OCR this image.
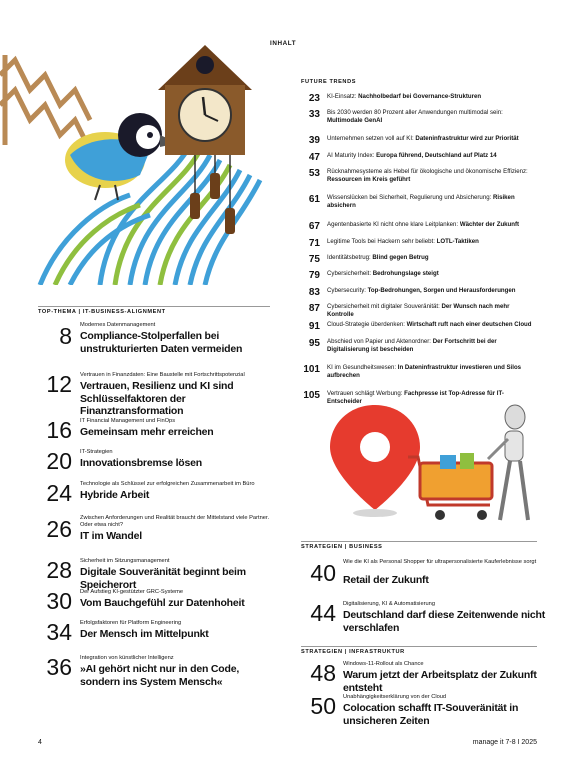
INHALT
FUTURE TRENDS
23 KI-Einsatz: Nachholbedarf bei Governance-Strukturen
33 Bis 2030 werden 80 Prozent aller Anwendungen multimodal sein: Multimodale GenAI
39 Unternehmen setzen voll auf KI: Dateninfrastruktur wird zur Priorität
47 AI Maturity Index: Europa führend, Deutschland auf Platz 14
53 Rücknahmesysteme als Hebel für ökologische und ökonomische Effizienz: Ressourcen im Kreis geführt
61 Wissenslücken bei Sicherheit, Regulierung und Absicherung: Risiken absichern
67 Agentenbasierte KI nicht ohne klare Leitplanken: Wächter der Zukunft
71 Legitime Tools bei Hackern sehr beliebt: LOTL-Taktiken
75 Identitätsbetrug: Blind gegen Betrug
79 Cybersicherheit: Bedrohungslage steigt
83 Cybersecurity: Top-Bedrohungen, Sorgen und Herausforderungen
87 Cybersicherheit mit digitaler Souveränität: Der Wunsch nach mehr Kontrolle
91 Cloud-Strategie überdenken: Wirtschaft ruft nach einer deutschen Cloud
95 Abschied von Papier und Aktenordner: Der Fortschritt bei der Digitalisierung ist bescheiden
101 KI im Gesundheitswesen: In Dateninfrastruktur investieren und Silos aufbrechen
105 Vertrauen schlägt Werbung: Fachpresse ist Top-Adresse für IT-Entscheider
TOP-THEMA | IT-BUSINESS-ALIGNMENT
8 Modernes Datenmanagement
Compliance-Stolperfallen bei unstrukturierten Daten vermeiden
12 Vertrauen in Finanzdaten: Eine Baustelle mit Fortschrittspotenzial
Vertrauen, Resilienz und KI sind Schlüsselfaktoren der Finanztransformation
16 IT Financial Management und FinOps
Gemeinsam mehr erreichen
20 IT-Strategien
Innovationsbremse lösen
24 Technologie als Schlüssel zur erfolgreichen Zusammenarbeit im Büro
Hybride Arbeit
26 Zwischen Anforderungen und Realität braucht der Mittelstand viele Partner. Oder etwa nicht?
IT im Wandel
28 Sicherheit im Sitzungsmanagement
Digitale Souveränität beginnt beim Speicherort
30 Der Aufstieg KI-gestützter GRC-Systeme
Vom Bauchgefühl zur Datenhoheit
34 Erfolgsfaktoren für Platform Engineering
Der Mensch im Mittelpunkt
36 Integration von künstlicher Intelligenz
»AI gehört nicht nur in den Code, sondern ins System Mensch«
STRATEGIEN | BUSINESS
40 Wie die KI als Personal Shopper für ultrapersonalisierte Kauferlebnisse sorgt
Retail der Zukunft
44 Digitalisierung, KI & Automatisierung
Deutschland darf diese Zeitenwende nicht verschlafen
STRATEGIEN | INFRASTRUKTUR
48 Windows-11-Rollout als Chance
Warum jetzt der Arbeitsplatz der Zukunft entsteht
50 Unabhängigkeitserklärung von der Cloud
Colocation schafft IT-Souveränität in unsicheren Zeiten
4	manage it 7-8 I 2025
